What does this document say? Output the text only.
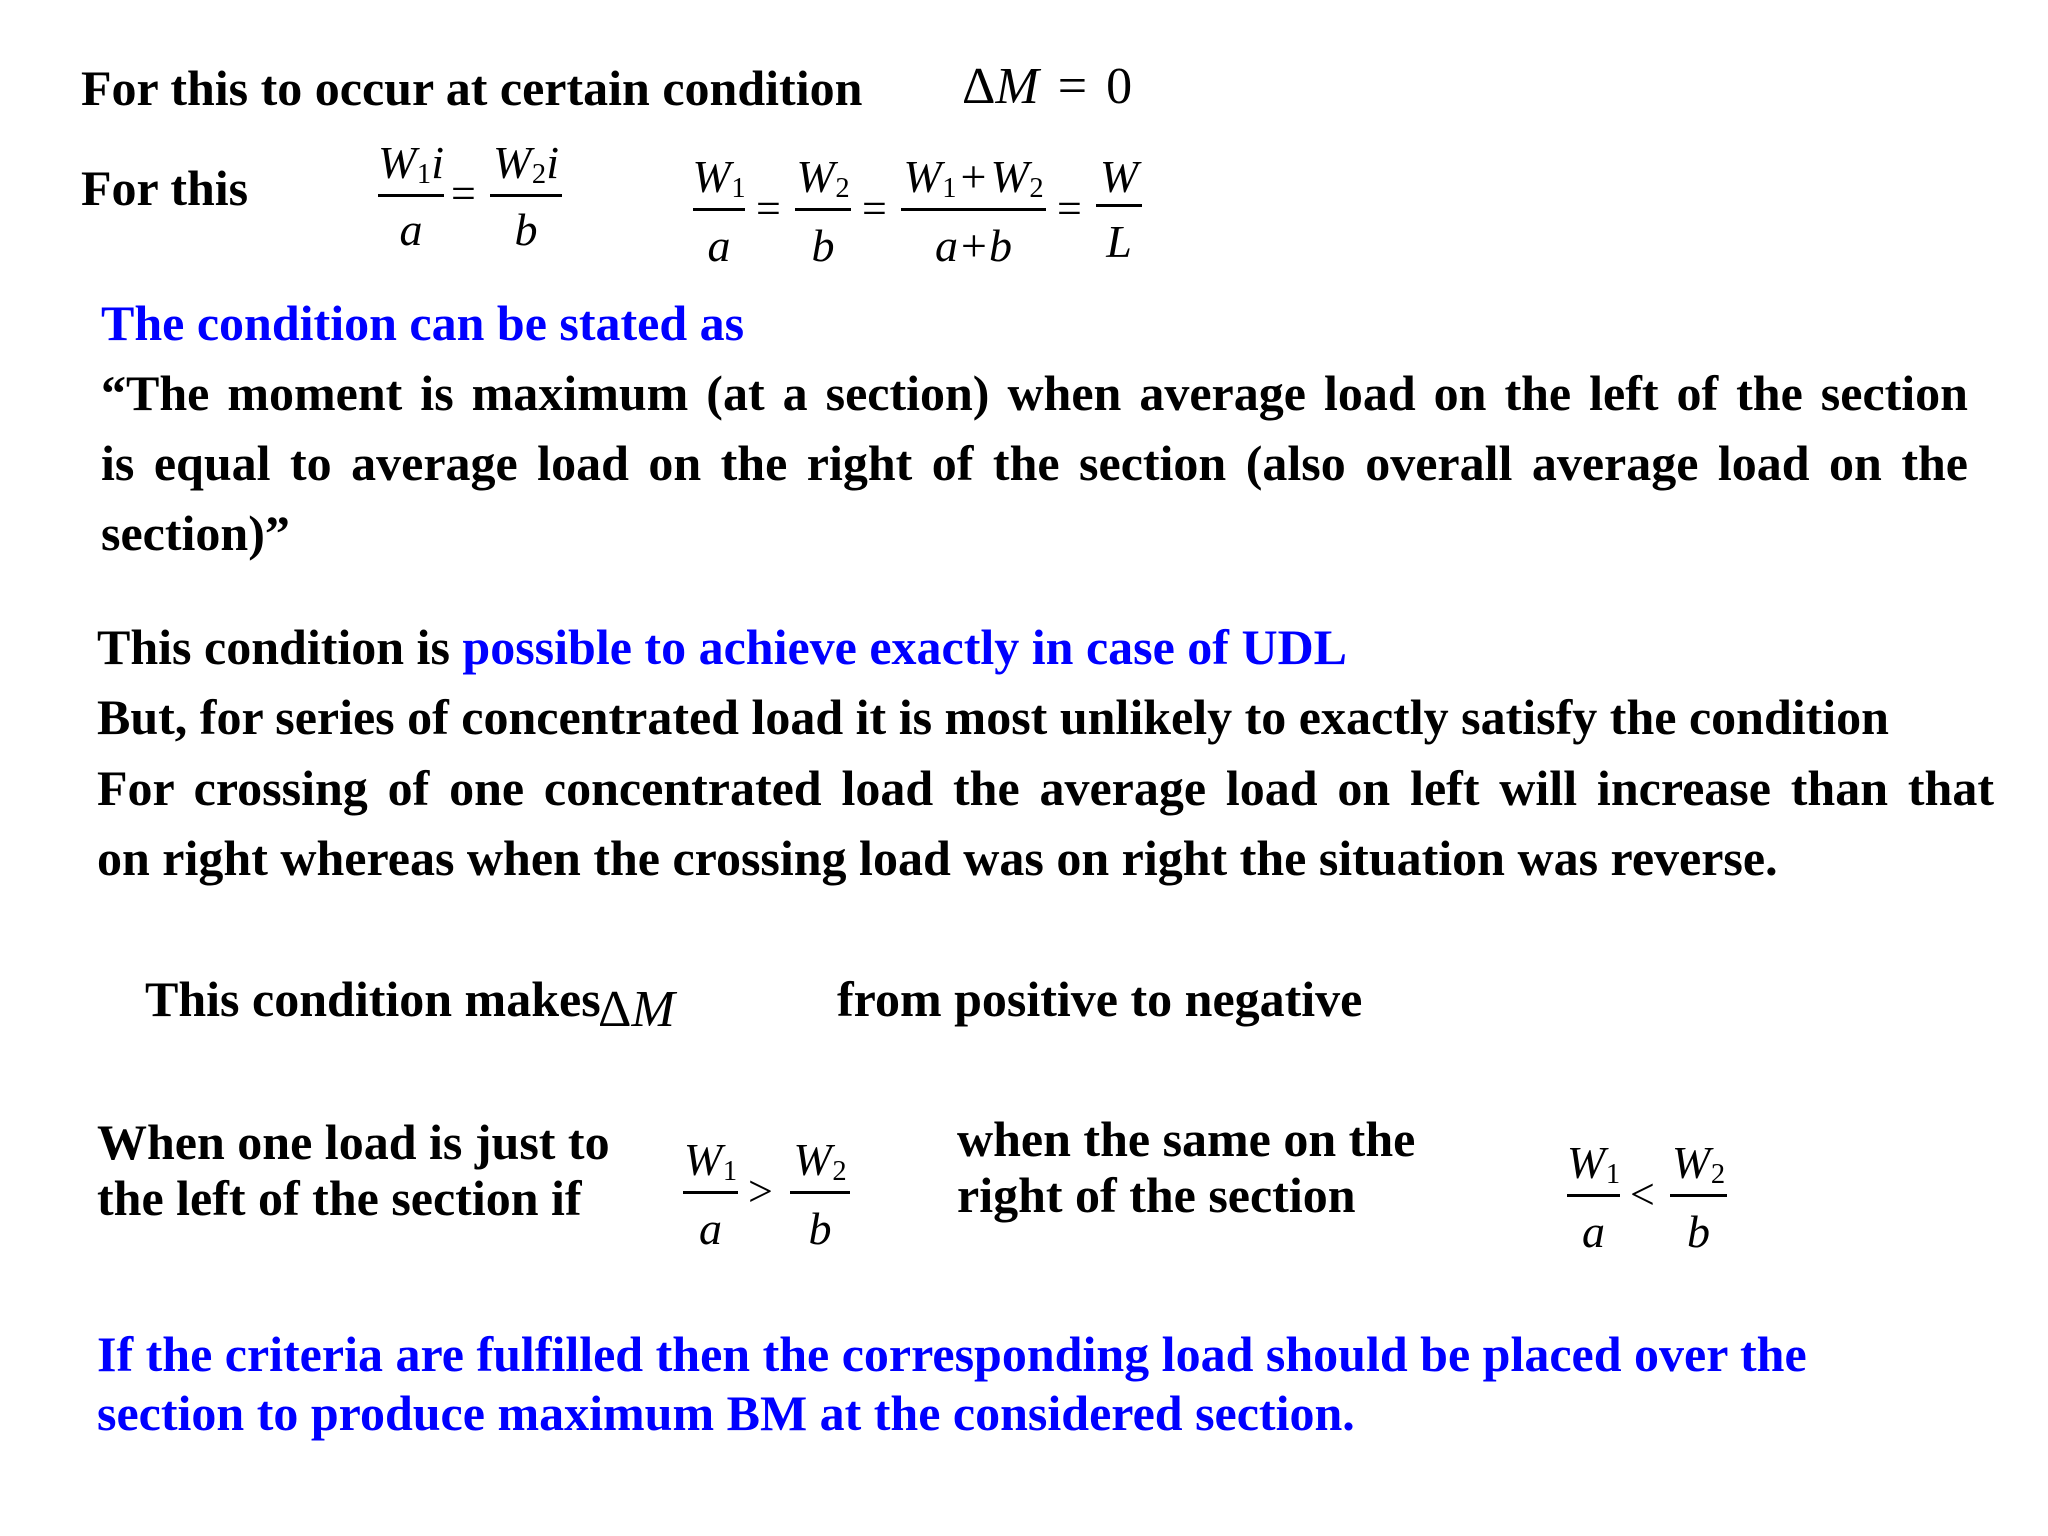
For this to occur at certain condition ΔM = 0
For this	$W_1i$
a
=
$W_2i$
b
$W_1$
a
=
$W_2$
b
=
$W_1+W_2$
a+b
=
W
L
The condition can be stated as
“The moment is maximum (at a section) when average load on the left of the section
is equal to average load on the right of the section (also overall average load on the
section)”
This condition is possible to achieve exactly in case of UDL
But, for series of concentrated load it is most unlikely to exactly satisfy the condition
For crossing of one concentrated load the average load on left will increase than that
on right whereas when the crossing load was on right the situation was reverse.
This condition makes
ΔM	from positive to negative
When one load is just to
the left of the section if
$W_1$
a
>
$W_2$
b
when the same on the
right of the section
$W_1$
a
<
$W_2$
b
If the criteria are fulfilled then the corresponding load should be placed over the
section to produce maximum BM at the considered section.
